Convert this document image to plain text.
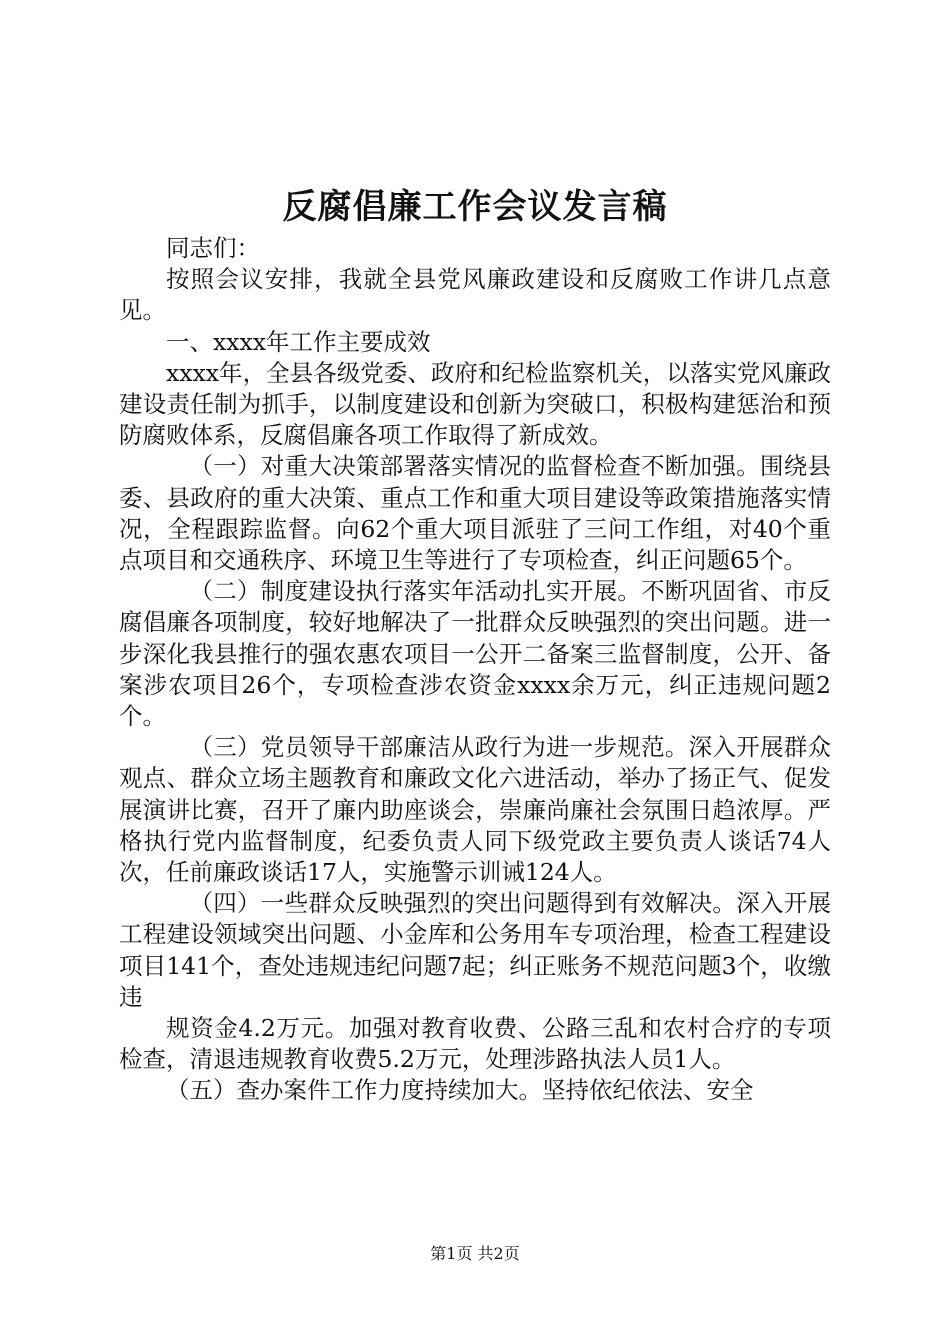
反腐倡廉工作会议发言稿

同志们：

按照会议安排，我就全县党风廉政建设和反腐败工作讲几点意见。

一、xxxx年工作主要成效

xxxx年，全县各级党委、政府和纪检监察机关，以落实党风廉政建设责任制为抓手，以制度建设和创新为突破口，积极构建惩治和预防腐败体系，反腐倡廉各项工作取得了新成效。

（一）对重大决策部署落实情况的监督检查不断加强。围绕县委、县政府的重大决策、重点工作和重大项目建设等政策措施落实情况，全程跟踪监督。向62个重大项目派驻了三问工作组，对40个重点项目和交通秩序、环境卫生等进行了专项检查，纠正问题65个。

（二）制度建设执行落实年活动扎实开展。不断巩固省、市反腐倡廉各项制度，较好地解决了一批群众反映强烈的突出问题。进一步深化我县推行的强农惠农项目一公开二备案三监督制度，公开、备案涉农项目26个，专项检查涉农资金xxxx余万元，纠正违规问题2个。

（三）党员领导干部廉洁从政行为进一步规范。深入开展群众观点、群众立场主题教育和廉政文化六进活动，举办了扬正气、促发展演讲比赛，召开了廉内助座谈会，崇廉尚廉社会氛围日趋浓厚。严格执行党内监督制度，纪委负责人同下级党政主要负责人谈话74人次，任前廉政谈话17人，实施警示训诫124人。

（四）一些群众反映强烈的突出问题得到有效解决。深入开展工程建设领域突出问题、小金库和公务用车专项治理，检查工程建设项目141个，查处违规违纪问题7起；纠正账务不规范问题3个，收缴违

规资金4.2万元。加强对教育收费、公路三乱和农村合疗的专项检查，清退违规教育收费5.2万元，处理涉路执法人员1人。

（五）查办案件工作力度持续加大。坚持依纪依法、安全

第1页 共2页
